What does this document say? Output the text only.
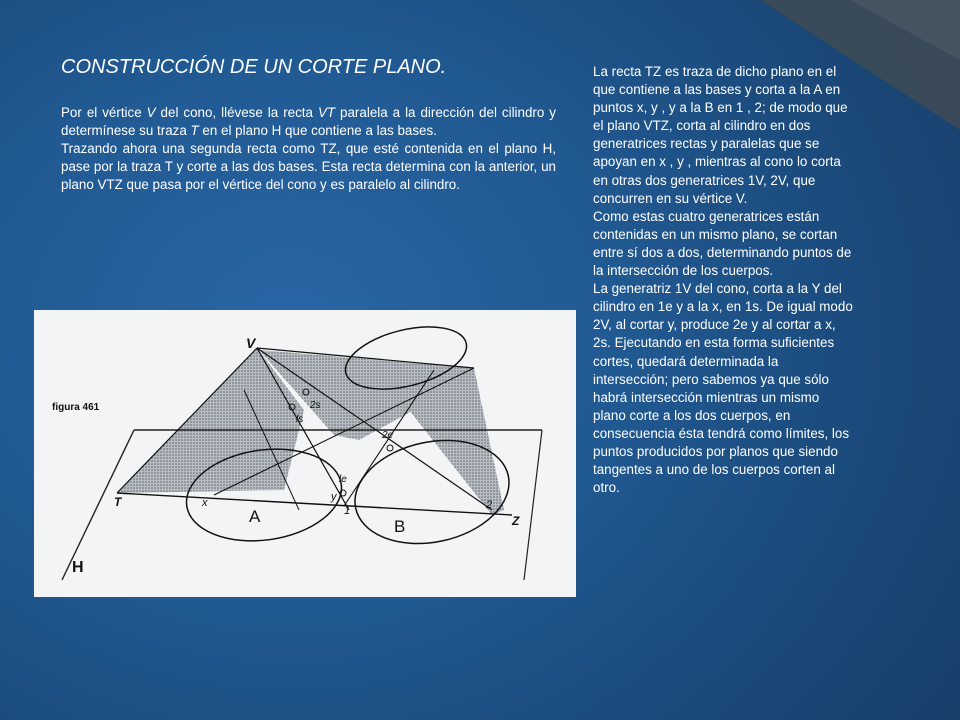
CONSTRUCCIÓN DE UN CORTE PLANO.

Por el vértice V del cono, llévese la recta VT paralela a la dirección del cilindro y determínese su traza T en el plano H que contiene a las bases.

Trazando ahora una segunda recta como TZ, que esté contenida en el plano H, pase por la traza T y corte a las dos bases. Esta recta determina con la anterior, un plano VTZ que pasa por el vértice del cono y es paralelo al cilindro.

La recta TZ es traza de dicho plano en el que contiene a las bases y corta a la A en puntos x, y , y a la B en 1 , 2; de modo que el plano VTZ, corta al cilindro en dos generatrices rectas y paralelas que se apoyan en x , y , mientras al cono lo corta en otras dos generatrices 1V, 2V, que concurren en su vértice V.

Como estas cuatro generatrices están contenidas en un mismo plano, se cortan entre sí dos a dos, determinando puntos de la intersección de los cuerpos.

La generatriz 1V del cono, corta a la Y del cilindro en 1e y a la x, en 1s. De igual modo 2V, al cortar y, produce 2e y al cortar a x, 2s. Ejecutando en esta forma suficientes cortes, quedará determinada la intersección; pero sabemos ya que sólo habrá intersección mientras un mismo plano corte a los dos cuerpos, en consecuencia ésta tendrá como límites, los puntos producidos por planos que siendo tangentes a uno de los cuerpos corten al otro.

figura 461
V
T
Z
H
A
B
x	y
1	2
ls
2s
le
2e
